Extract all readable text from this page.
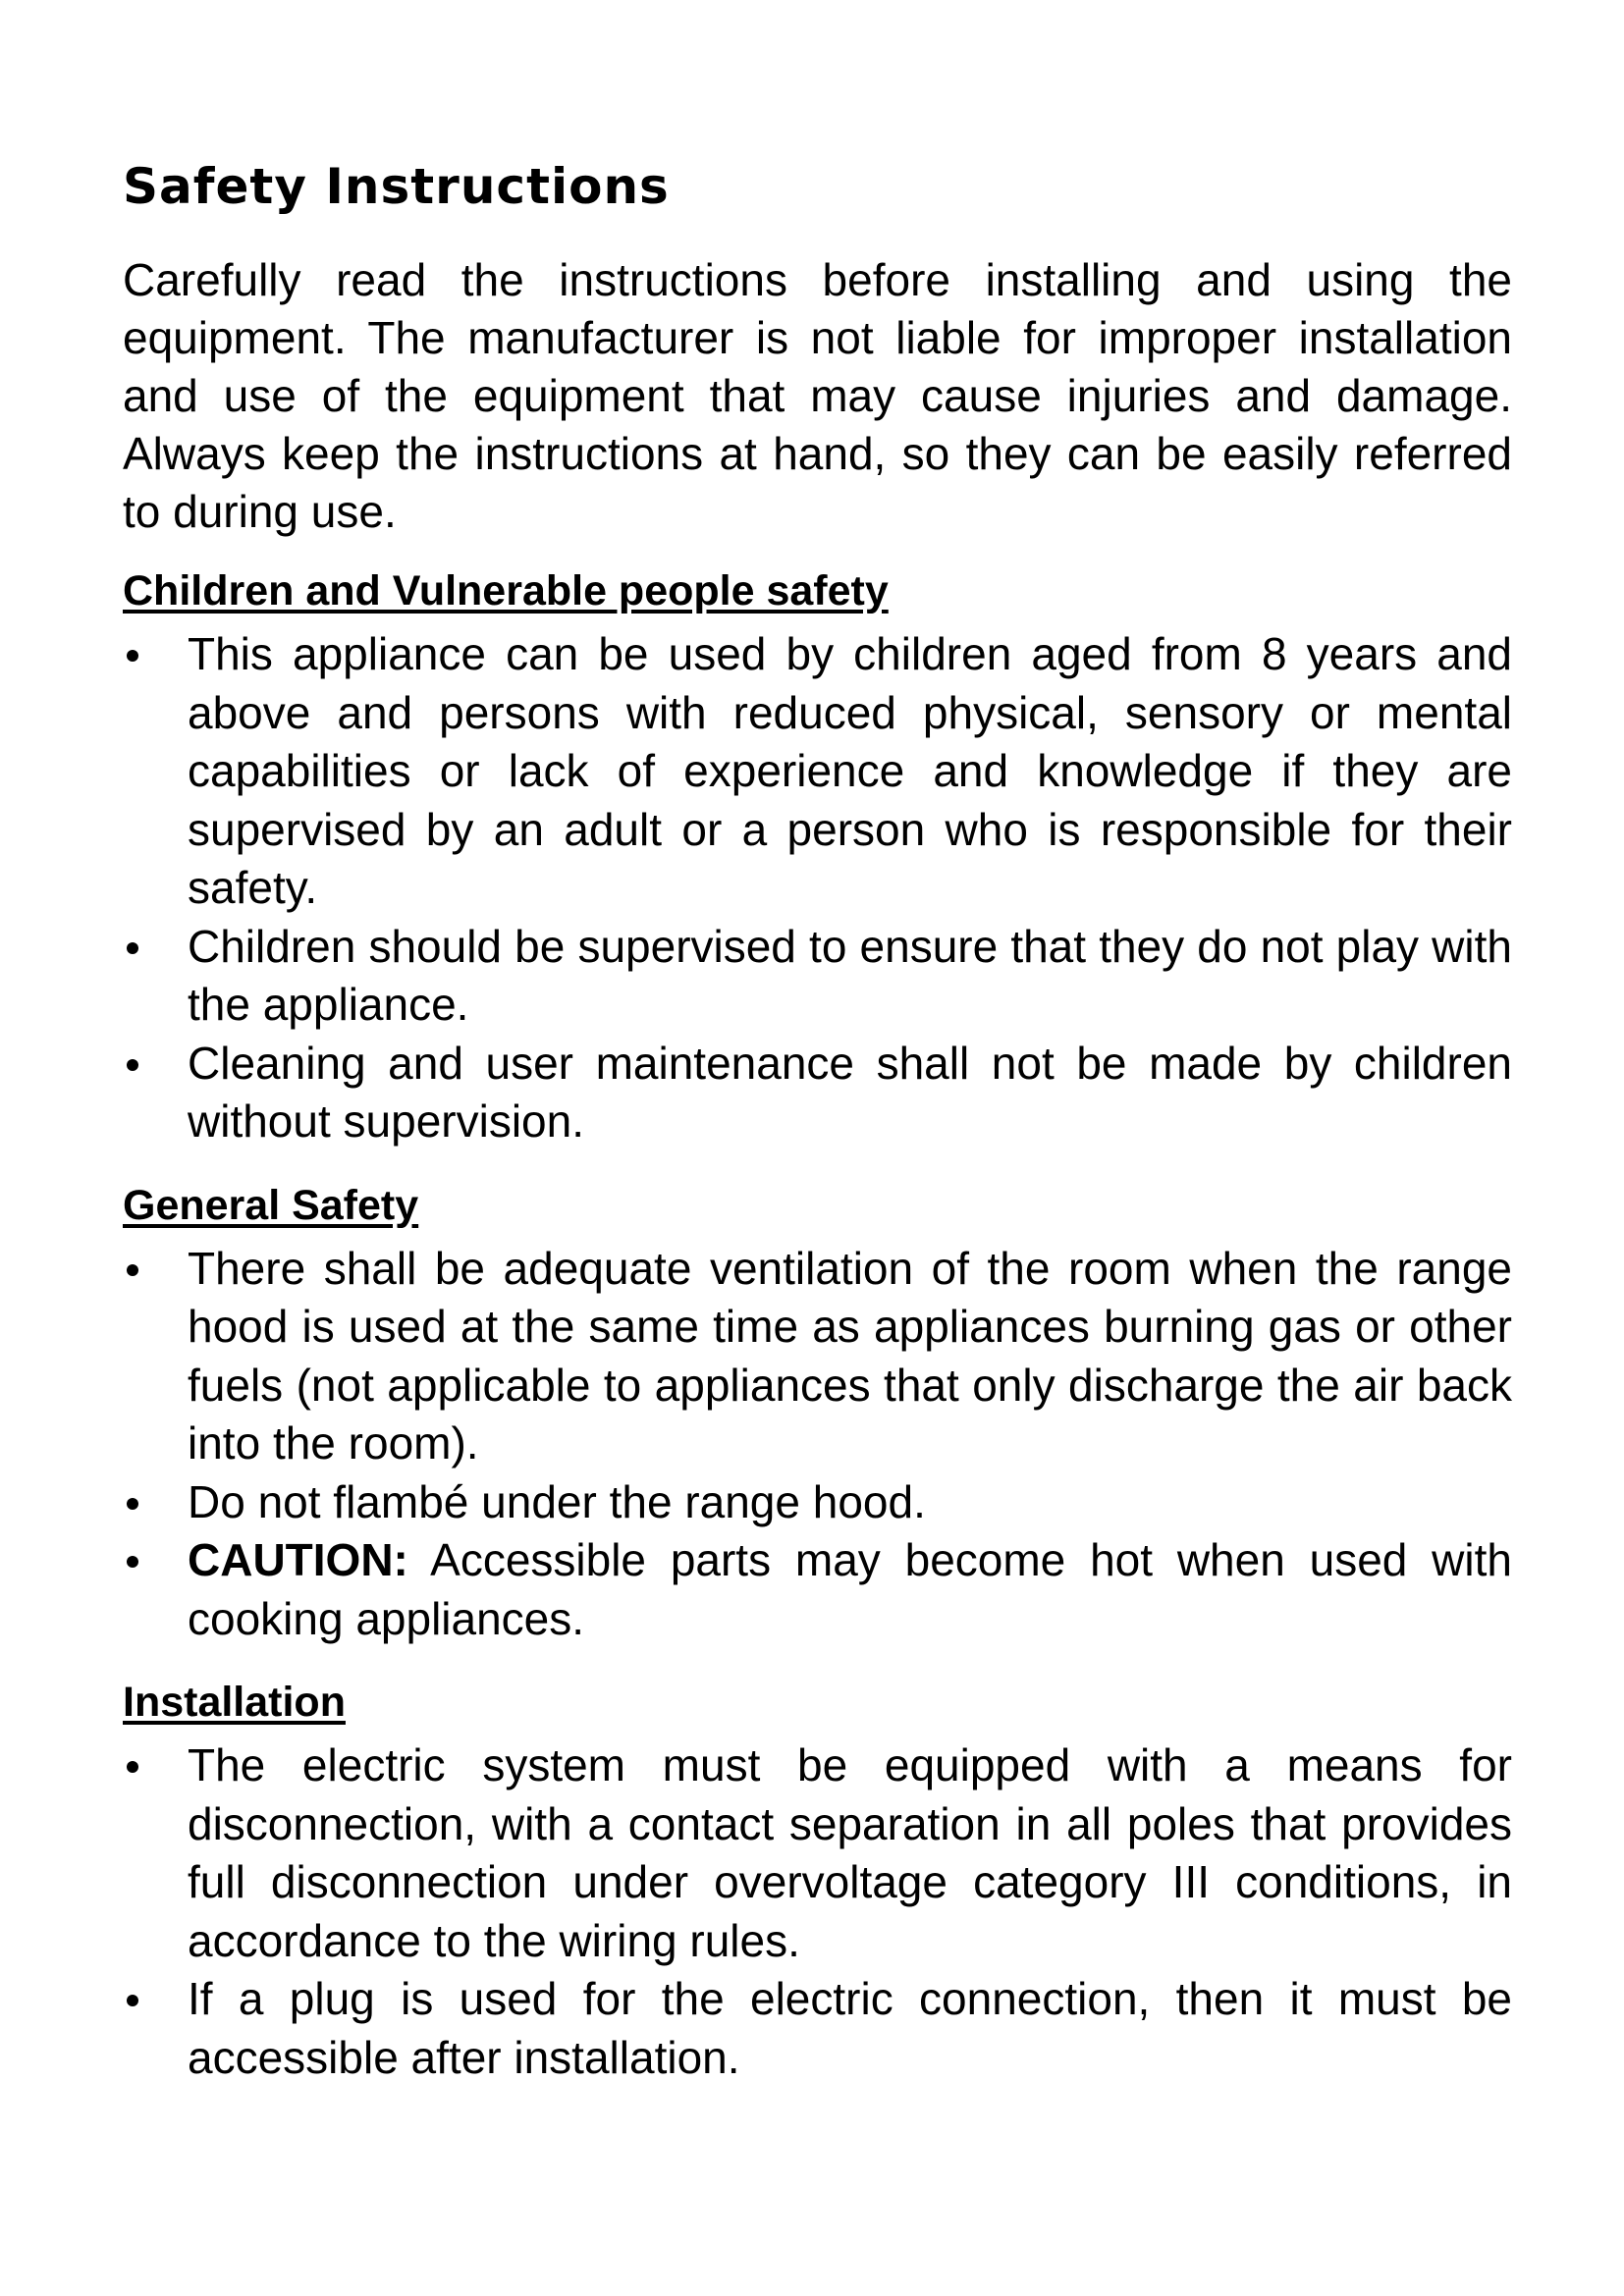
Safety Instructions

Carefully read the instructions before installing and using the equipment. The manufacturer is not liable for improper installation and use of the equipment that may cause injuries and damage. Always keep the instructions at hand, so they can be easily referred to during use.

Children and Vulnerable people safety
This appliance can be used by children aged from 8 years and above and persons with reduced physical, sensory or mental capabilities or lack of experience and knowledge if they are supervised by an adult or a person who is responsible for their safety.
Children should be supervised to ensure that they do not play with the appliance.
Cleaning and user maintenance shall not be made by children without supervision.
General Safety
There shall be adequate ventilation of the room when the range hood is used at the same time as appliances burning gas or other fuels (not applicable to appliances that only discharge the air back into the room).
Do not flambé under the range hood.
CAUTION: Accessible parts may become hot when used with cooking appliances.
Installation
The electric system must be equipped with a means for disconnection, with a contact separation in all poles that provides full disconnection under overvoltage category III conditions, in accordance to the wiring rules.
If a plug is used for the electric connection, then it must be accessible after installation.
